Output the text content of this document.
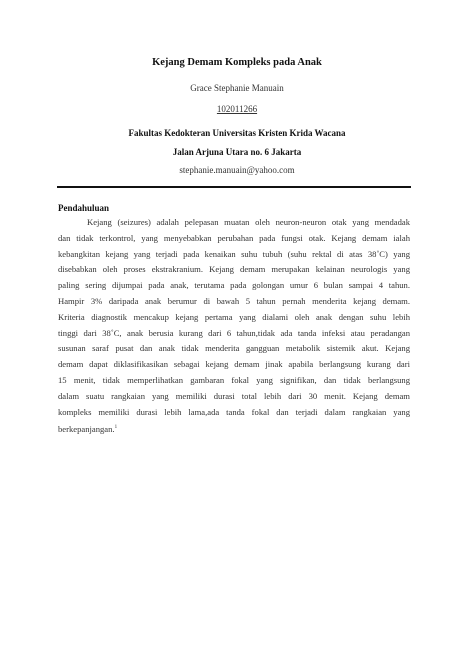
Kejang Demam Kompleks pada Anak
Grace Stephanie Manuain
102011266
Fakultas Kedokteran Universitas Kristen Krida Wacana
Jalan Arjuna Utara no. 6 Jakarta
stephanie.manuain@yahoo.com
Pendahuluan
Kejang (seizures) adalah pelepasan muatan oleh neuron-neuron otak yang mendadak
dan tidak terkontrol, yang menyebabkan perubahan pada fungsi otak. Kejang demam ialah
kebangkitan kejang yang terjadi pada kenaikan suhu tubuh (suhu rektal di atas 38˚C) yang
disebabkan oleh proses ekstrakranium. Kejang demam merupakan kelainan neurologis yang
paling sering dijumpai pada anak, terutama pada golongan umur 6 bulan sampai 4 tahun.
Hampir 3% daripada anak berumur di bawah 5 tahun pernah menderita kejang demam.
Kriteria diagnostik mencakup kejang pertama yang dialami oleh anak dengan suhu lebih
tinggi dari 38˚C, anak berusia kurang dari 6 tahun,tidak ada tanda infeksi atau peradangan
susunan saraf pusat dan anak tidak menderita gangguan metabolik sistemik akut. Kejang
demam dapat diklasifikasikan sebagai kejang demam jinak apabila berlangsung kurang dari
15 menit, tidak memperlihatkan gambaran fokal yang signifikan, dan tidak berlangsung
dalam suatu rangkaian yang memiliki durasi total lebih dari 30 menit. Kejang demam
kompleks memiliki durasi lebih lama,ada tanda fokal dan terjadi dalam rangkaian yang
berkepanjangan.$^1$
